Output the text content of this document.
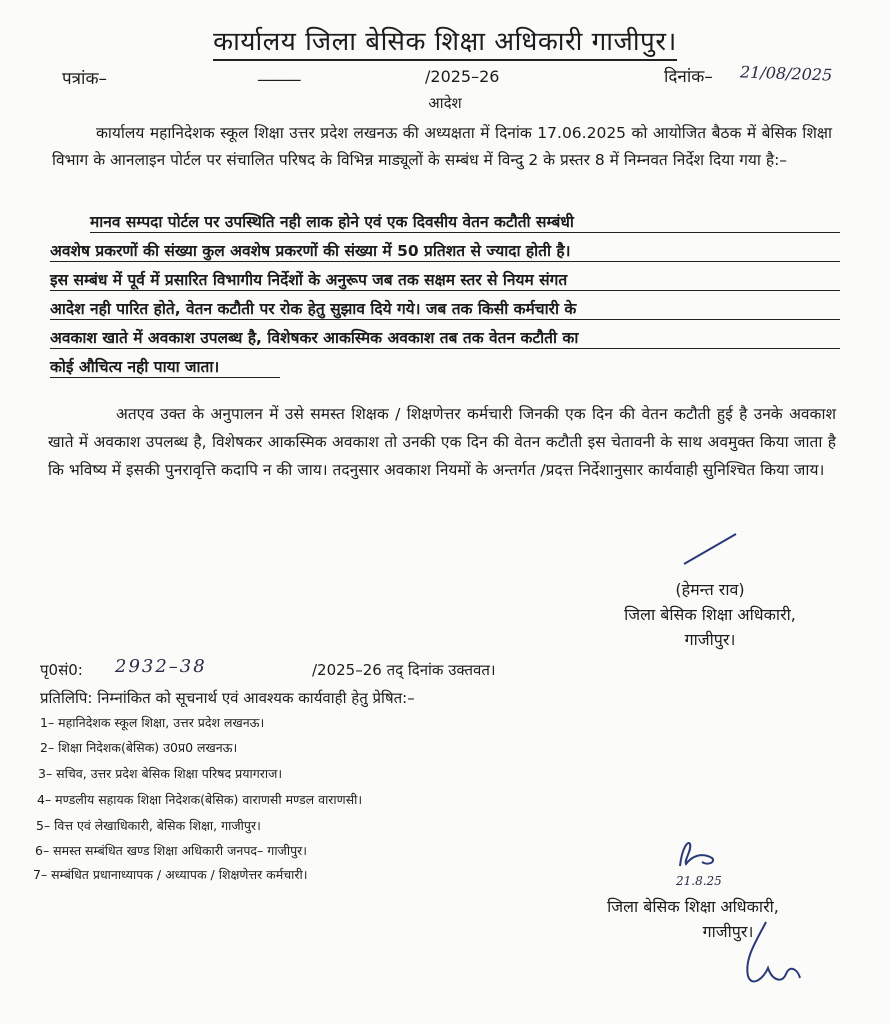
कार्यालय जिला बेसिक शिक्षा अधिकारी गाजीपुर।
पत्रांक–	_____	/2025–26	दिनांक– 21/08/2025
आदेश
कार्यालय महानिदेशक स्कूल शिक्षा उत्तर प्रदेश लखनऊ की अध्यक्षता में दिनांक 17.06.2025 को आयोजित बैठक में बेसिक शिक्षा विभाग के आनलाइन पोर्टल पर संचालित परिषद के विभिन्न माड्यूलों के सम्बंध में विन्दु 2 के प्रस्तर 8 में निम्नवत निर्देश दिया गया है:–
मानव सम्पदा पोर्टल पर उपस्थिति नही लाक होने एवं एक दिवसीय वेतन कटौती सम्बंधी
अवशेष प्रकरणों की संख्या कुल अवशेष प्रकरणों की संख्या में 50 प्रतिशत से ज्यादा होती है।
इस सम्बंध में पूर्व में प्रसारित विभागीय निर्देशों के अनुरूप जब तक सक्षम स्तर से नियम संगत
आदेश नही पारित होते, वेतन कटौती पर रोक हेतु सुझाव दिये गये। जब तक किसी कर्मचारी के
अवकाश खाते में अवकाश उपलब्ध है, विशेषकर आकस्मिक अवकाश तब तक वेतन कटौती का
कोई औचित्य नही पाया जाता।
अतएव उक्त के अनुपालन में उसे समस्त शिक्षक / शिक्षणेत्तर कर्मचारी जिनकी एक दिन की वेतन कटौती हुई है उनके अवकाश खाते में अवकाश उपलब्ध है, विशेषकर आकस्मिक अवकाश तो उनकी एक दिन की वेतन कटौती इस चेतावनी के साथ अवमुक्त किया जाता है कि भविष्य में इसकी पुनरावृत्ति कदापि न की जाय। तदनुसार अवकाश नियमों के अन्तर्गत /प्रदत्त निर्देशानुसार कार्यवाही सुनिश्चित किया जाय।
(हेमन्त राव)
जिला बेसिक शिक्षा अधिकारी,
गाजीपुर।
पृ0सं0: 2932–38	/2025–26 तद् दिनांक उक्तवत।
प्रतिलिपि: निम्नांकित को सूचनार्थ एवं आवश्यक कार्यवाही हेतु प्रेषित:–
1– महानिदेशक स्कूल शिक्षा, उत्तर प्रदेश लखनऊ।
2– शिक्षा निदेशक(बेसिक) उ0प्र0 लखनऊ।
3– सचिव, उत्तर प्रदेश बेसिक शिक्षा परिषद प्रयागराज।
4– मण्डलीय सहायक शिक्षा निदेशक(बेसिक) वाराणसी मण्डल वाराणसी।
5– वित्त एवं लेखाधिकारी, बेसिक शिक्षा, गाजीपुर।
6– समस्त सम्बंधित खण्ड शिक्षा अधिकारी जनपद– गाजीपुर।
7– सम्बंधित प्रधानाध्यापक / अध्यापक / शिक्षणेत्तर कर्मचारी।	21.8.25
जिला बेसिक शिक्षा अधिकारी,
गाजीपुर।
